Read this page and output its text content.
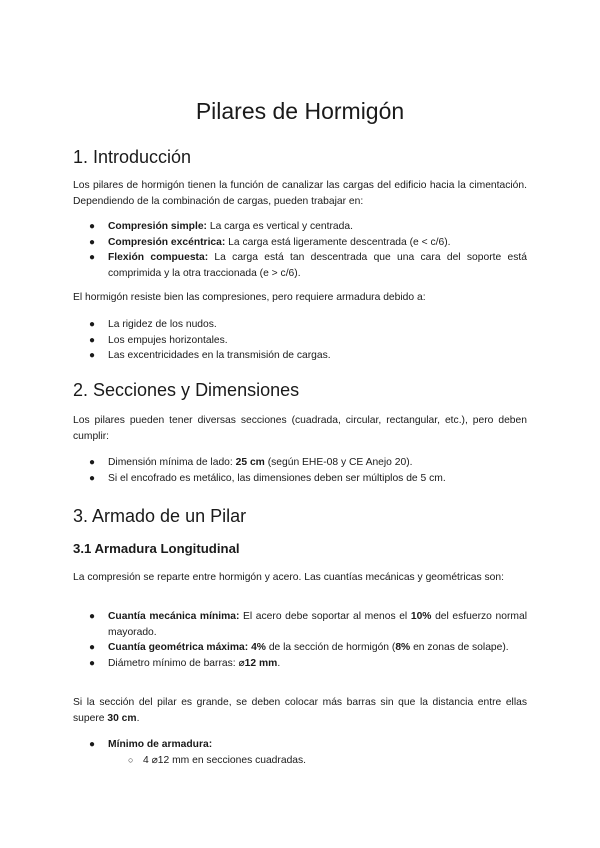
Pilares de Hormigón
1. Introducción

Los pilares de hormigón tienen la función de canalizar las cargas del edificio hacia la cimentación. Dependiendo de la combinación de cargas, pueden trabajar en:

● Compresión simple: La carga es vertical y centrada.
● Compresión excéntrica: La carga está ligeramente descentrada (e < c/6).
● Flexión compuesta: La carga está tan descentrada que una cara del soporte está comprimida y la otra traccionada (e > c/6).

El hormigón resiste bien las compresiones, pero requiere armadura debido a:

● La rigidez de los nudos.
● Los empujes horizontales.
● Las excentricidades en la transmisión de cargas.
2. Secciones y Dimensiones

Los pilares pueden tener diversas secciones (cuadrada, circular, rectangular, etc.), pero deben cumplir:

● Dimensión mínima de lado: 25 cm (según EHE-08 y CE Anejo 20).
● Si el encofrado es metálico, las dimensiones deben ser múltiplos de 5 cm.
3. Armado de un Pilar
3.1 Armadura Longitudinal

La compresión se reparte entre hormigón y acero. Las cuantías mecánicas y geométricas son:

● Cuantía mecánica mínima: El acero debe soportar al menos el 10% del esfuerzo normal mayorado.
● Cuantía geométrica máxima: 4% de la sección de hormigón (8% en zonas de solape).
● Diámetro mínimo de barras: ⌀12 mm.

Si la sección del pilar es grande, se deben colocar más barras sin que la distancia entre ellas supere 30 cm.

● Mínimo de armadura:
○ 4 ⌀12 mm en secciones cuadradas.
